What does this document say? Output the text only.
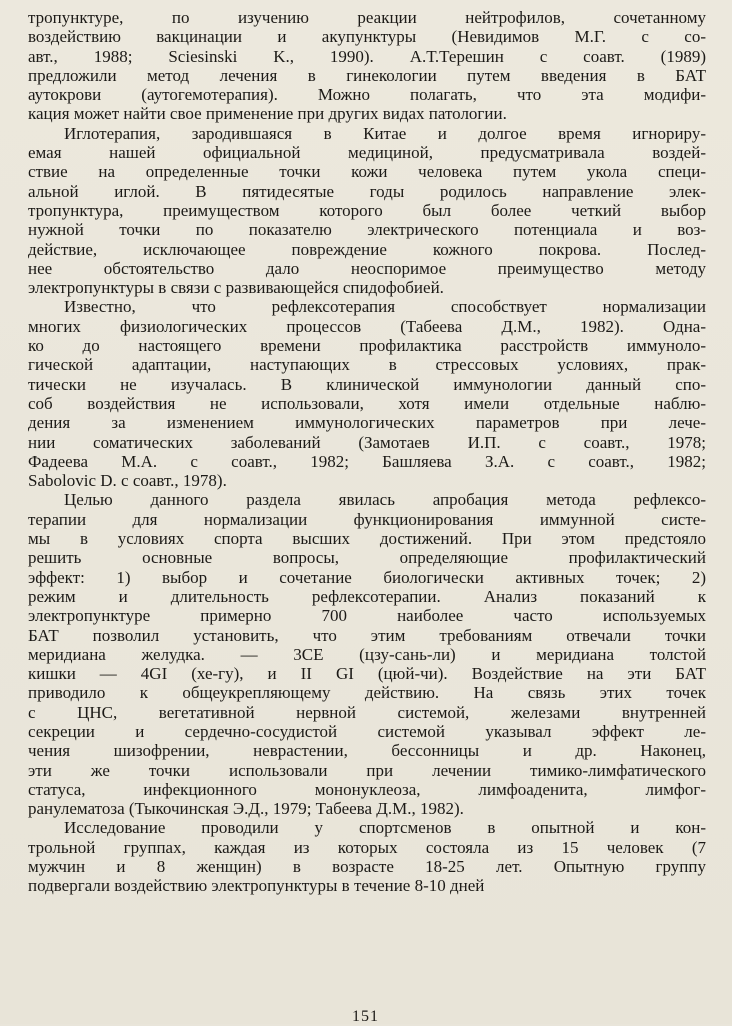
тропунктуре, по изучению реакции нейтрофилов, сочетанному
воздействию вакцинации и акупунктуры (Невидимов М.Г. с со-
авт., 1988; Sciesinski K., 1990). А.Т.Терешин с соавт. (1989)
предложили метод лечения в гинекологии путем введения в БАТ
аутокрови (аутогемотерапия). Можно полагать, что эта модифи-
кация может найти свое применение при других видах патологии.
Иглотерапия, зародившаяся в Китае и долгое время игнориру-
емая нашей официальной медициной, предусматривала воздей-
ствие на определенные точки кожи человека путем укола специ-
альной иглой. В пятидесятые годы родилось направление элек-
тропунктура, преимуществом которого был более четкий выбор
нужной точки по показателю электрического потенциала и воз-
действие, исключающее повреждение кожного покрова. Послед-
нее обстоятельство дало неоспоримое преимущество методу
электропунктуры в связи с развивающейся спидофобией.
Известно, что рефлексотерапия способствует нормализации
многих физиологических процессов (Табеева Д.М., 1982). Одна-
ко до настоящего времени профилактика расстройств иммуноло-
гической адаптации, наступающих в стрессовых условиях, прак-
тически не изучалась. В клинической иммунологии данный спо-
соб воздействия не использовали, хотя имели отдельные наблю-
дения за изменением иммунологических параметров при лече-
нии соматических заболеваний (Замотаев И.П. с соавт., 1978;
Фадеева М.А. с соавт., 1982; Башляева З.А. с соавт., 1982;
Sabolovic D. с соавт., 1978).
Целью данного раздела явилась апробация метода рефлексо-
терапии для нормализации функционирования иммунной систе-
мы в условиях спорта высших достижений. При этом предстояло
решить основные вопросы, определяющие профилактический
эффект: 1) выбор и сочетание биологически активных точек; 2)
режим и длительность рефлексотерапии. Анализ показаний к
электропунктуре примерно 700 наиболее часто используемых
БАТ позволил установить, что этим требованиям отвечали точки
меридиана желудка. — 3CE (цзу-сань-ли) и меридиана толстой
кишки — 4GI (хе-гу), и II GI (цюй-чи). Воздействие на эти БАТ
приводило к общеукрепляющему действию. На связь этих точек
с ЦНС, вегетативной нервной системой, железами внутренней
секреции и сердечно-сосудистой системой указывал эффект ле-
чения шизофрении, неврастении, бессонницы и др. Наконец,
эти же точки использовали при лечении тимико-лимфатического
статуса, инфекционного мононуклеоза, лимфоаденита, лимфог-
ранулематоза (Тыкочинская Э.Д., 1979; Табеева Д.М., 1982).
Исследование проводили у спортсменов в опытной и кон-
трольной группах, каждая из которых состояла из 15 человек (7
мужчин и 8 женщин) в возрасте 18-25 лет. Опытную группу
подвергали воздействию электропунктуры в течение 8-10 дней
151
